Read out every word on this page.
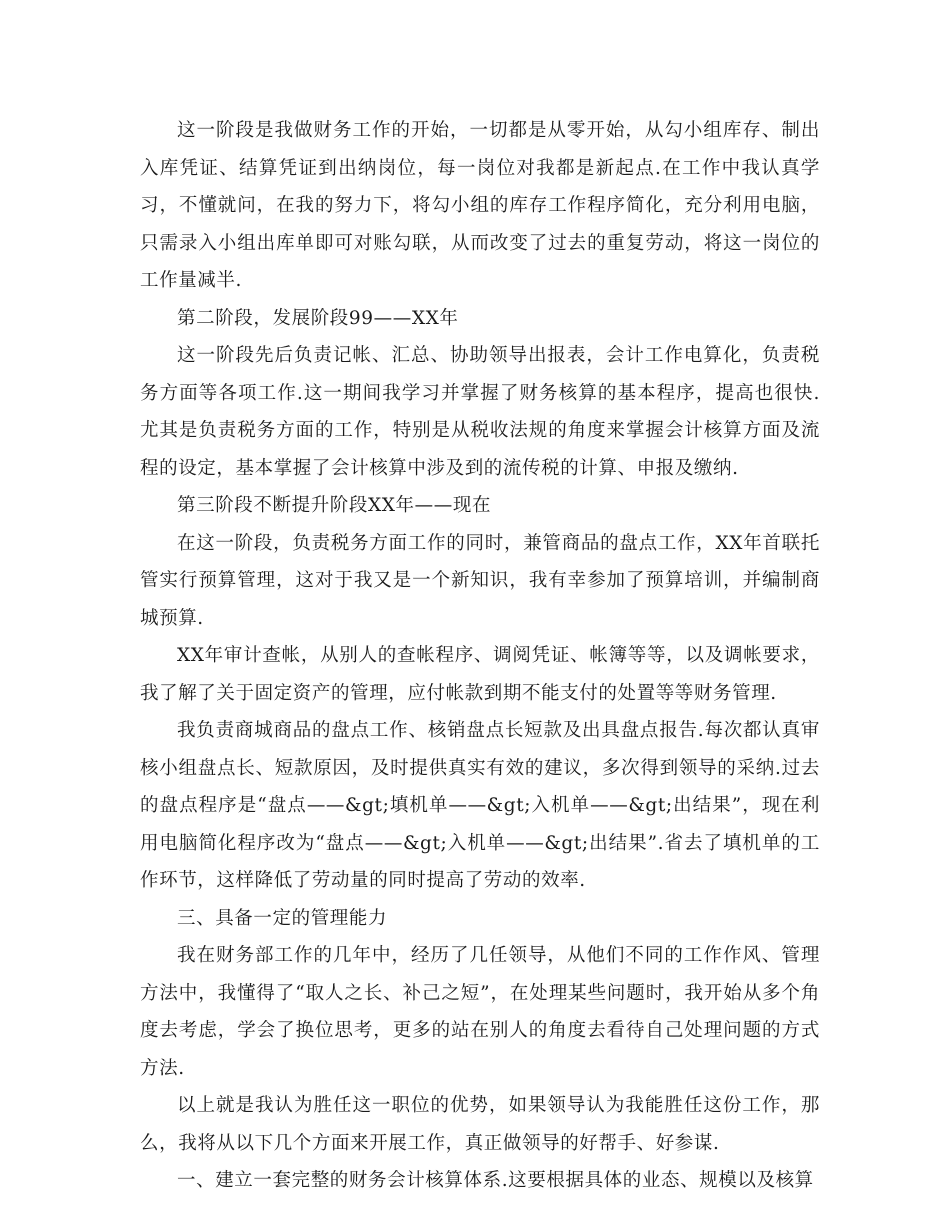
这一阶段是我做财务工作的开始，一切都是从零开始，从勾小组库存、制出入库凭证、结算凭证到出纳岗位，每一岗位对我都是新起点.在工作中我认真学习，不懂就问，在我的努力下，将勾小组的库存工作程序简化，充分利用电脑，只需录入小组出库单即可对账勾联，从而改变了过去的重复劳动，将这一岗位的工作量减半.

第二阶段，发展阶段99——XX年

这一阶段先后负责记帐、汇总、协助领导出报表，会计工作电算化，负责税务方面等各项工作.这一期间我学习并掌握了财务核算的基本程序，提高也很快.尤其是负责税务方面的工作，特别是从税收法规的角度来掌握会计核算方面及流程的设定，基本掌握了会计核算中涉及到的流传税的计算、申报及缴纳.

第三阶段不断提升阶段XX年——现在

在这一阶段，负责税务方面工作的同时，兼管商品的盘点工作，XX年首联托管实行预算管理，这对于我又是一个新知识，我有幸参加了预算培训，并编制商城预算.

XX年审计查帐，从别人的查帐程序、调阅凭证、帐簿等等，以及调帐要求，我了解了关于固定资产的管理，应付帐款到期不能支付的处置等等财务管理.

我负责商城商品的盘点工作、核销盘点长短款及出具盘点报告.每次都认真审核小组盘点长、短款原因，及时提供真实有效的建议，多次得到领导的采纳.过去的盘点程序是“盘点——&gt;填机单——&gt;入机单——&gt;出结果”，现在利用电脑简化程序改为“盘点——&gt;入机单——&gt;出结果”.省去了填机单的工作环节，这样降低了劳动量的同时提高了劳动的效率.

三、具备一定的管理能力

我在财务部工作的几年中，经历了几任领导，从他们不同的工作作风、管理方法中，我懂得了“取人之长、补己之短”，在处理某些问题时，我开始从多个角度去考虑，学会了换位思考，更多的站在别人的角度去看待自己处理问题的方式方法.

以上就是我认为胜任这一职位的优势，如果领导认为我能胜任这份工作，那么，我将从以下几个方面来开展工作，真正做领导的好帮手、好参谋.

一、建立一套完整的财务会计核算体系.这要根据具体的业态、规模以及核算
